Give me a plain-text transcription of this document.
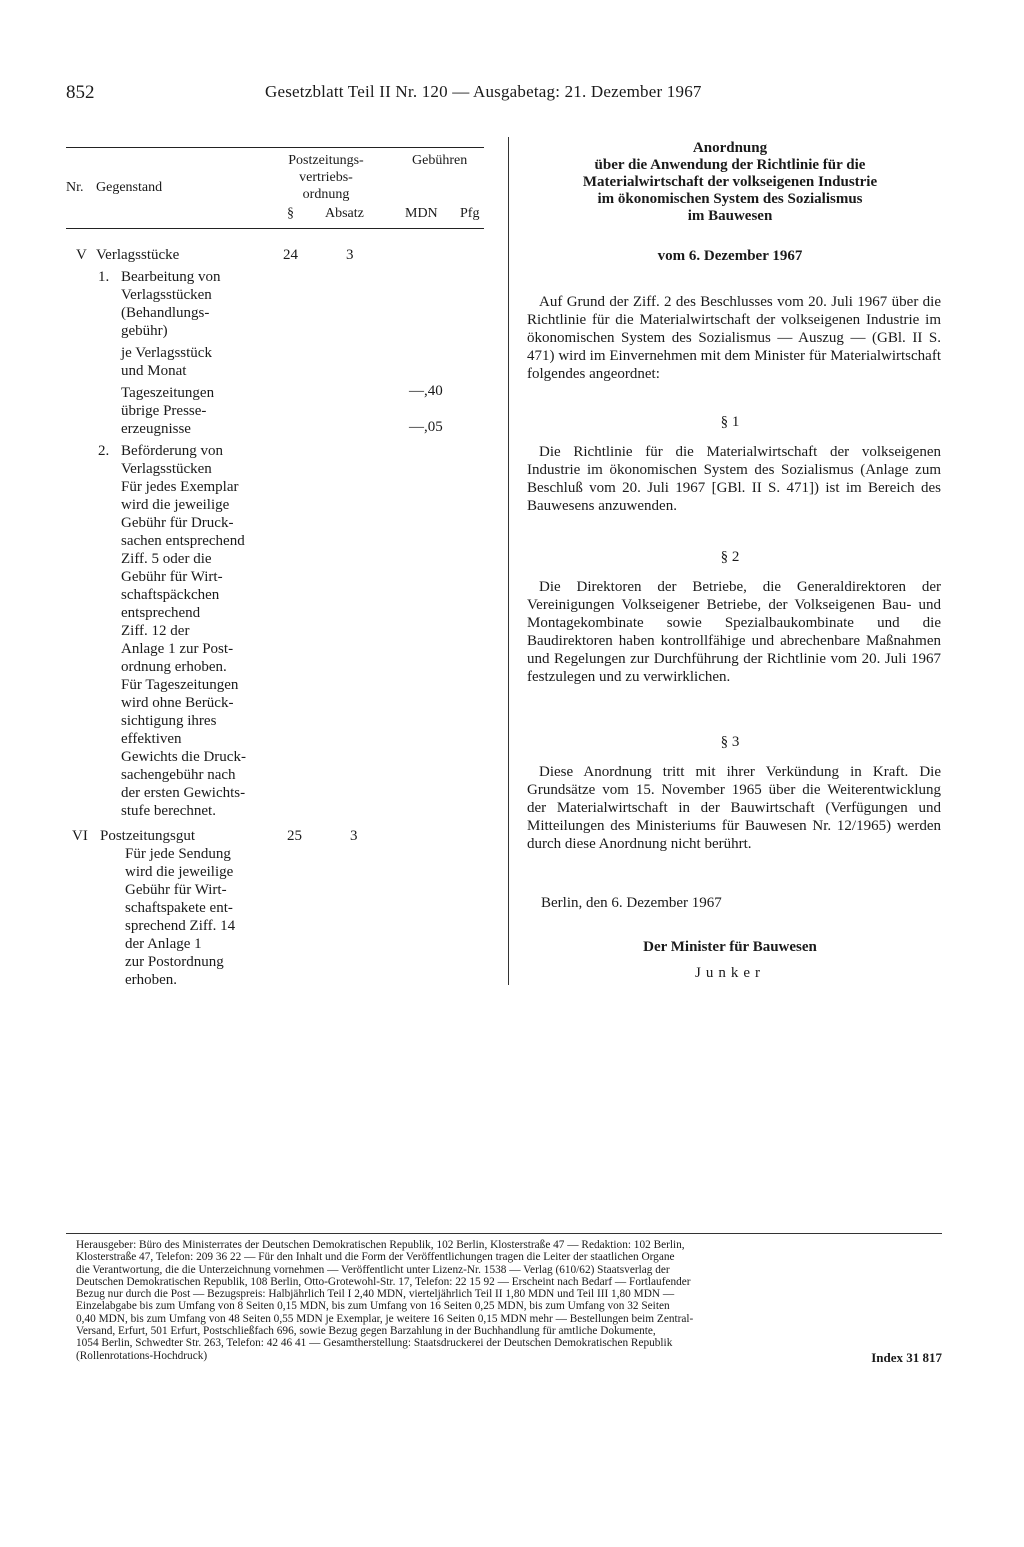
852	Gesetzblatt Teil II Nr. 120 — Ausgabetag: 21. Dezember 1967
Nr. Gegenstand
Postzeitungs-
vertriebs-
ordnung
§ Absatz
Gebühren
MDN Pfg
V Verlagsstücke	24	3
1. Bearbeitung von
Verlagsstücken
(Behandlungs-
gebühr)
je Verlagsstück
und Monat
Tageszeitungen	—,40
übrige Presse-
erzeugnisse	—,05
2. Beförderung von
Verlagsstücken
Für jedes Exemplar
wird die jeweilige
Gebühr für Druck-
sachen entsprechend
Ziff. 5 oder die
Gebühr für Wirt-
schaftspäckchen
entsprechend
Ziff. 12 der
Anlage 1 zur Post-
ordnung erhoben.
Für Tageszeitungen
wird ohne Berück-
sichtigung ihres
effektiven
Gewichts die Druck-
sachengebühr nach
der ersten Gewichts-
stufe berechnet.
VI Postzeitungsgut	25	3
Für jede Sendung
wird die jeweilige
Gebühr für Wirt-
schaftspakete ent-
sprechend Ziff. 14
der Anlage 1
zur Postordnung
erhoben.
Anordnung
über die Anwendung der Richtlinie für die
Materialwirtschaft der volkseigenen Industrie
im ökonomischen System des Sozialismus
im Bauwesen
vom 6. Dezember 1967
Auf Grund der Ziff. 2 des Beschlusses vom 20. Juli 1967 über die Richtlinie für die Materialwirtschaft der volkseigenen Industrie im ökonomischen System des Sozialismus — Auszug — (GBl. II S. 471) wird im Einvernehmen mit dem Minister für Materialwirtschaft folgendes angeordnet:
§ 1
Die Richtlinie für die Materialwirtschaft der volkseigenen Industrie im ökonomischen System des Sozialismus (Anlage zum Beschluß vom 20. Juli 1967 [GBl. II S. 471]) ist im Bereich des Bauwesens anzuwenden.
§ 2
Die Direktoren der Betriebe, die Generaldirektoren der Vereinigungen Volkseigener Betriebe, der Volkseigenen Bau- und Montagekombinate sowie Spezialbaukombinate und die Baudirektoren haben kontrollfähige und abrechenbare Maßnahmen und Regelungen zur Durchführung der Richtlinie vom 20. Juli 1967 festzulegen und zu verwirklichen.
§ 3
Diese Anordnung tritt mit ihrer Verkündung in Kraft. Die Grundsätze vom 15. November 1965 über die Weiterentwicklung der Materialwirtschaft in der Bauwirtschaft (Verfügungen und Mitteilungen des Ministeriums für Bauwesen Nr. 12/1965) werden durch diese Anordnung nicht berührt.
Berlin, den 6. Dezember 1967
Der Minister für Bauwesen
Junker
Herausgeber: Büro des Ministerrates der Deutschen Demokratischen Republik, 102 Berlin, Klosterstraße 47 — Redaktion: 102 Berlin,
Klosterstraße 47, Telefon: 209 36 22 — Für den Inhalt und die Form der Veröffentlichungen tragen die Leiter der staatlichen Organe
die Verantwortung, die die Unterzeichnung vornehmen — Veröffentlicht unter Lizenz-Nr. 1538 — Verlag (610/62) Staatsverlag der
Deutschen Demokratischen Republik, 108 Berlin, Otto-Grotewohl-Str. 17, Telefon: 22 15 92 — Erscheint nach Bedarf — Fortlaufender
Bezug nur durch die Post — Bezugspreis: Halbjährlich Teil I 2,40 MDN, vierteljährlich Teil II 1,80 MDN und Teil III 1,80 MDN —
Einzelabgabe bis zum Umfang von 8 Seiten 0,15 MDN, bis zum Umfang von 16 Seiten 0,25 MDN, bis zum Umfang von 32 Seiten
0,40 MDN, bis zum Umfang von 48 Seiten 0,55 MDN je Exemplar, je weitere 16 Seiten 0,15 MDN mehr — Bestellungen beim Zentral-
Versand, Erfurt, 501 Erfurt, Postschließfach 696, sowie Bezug gegen Barzahlung in der Buchhandlung für amtliche Dokumente,
1054 Berlin, Schwedter Str. 263, Telefon: 42 46 41 — Gesamtherstellung: Staatsdruckerei der Deutschen Demokratischen Republik
(Rollenrotations-Hochdruck)	Index 31 817
